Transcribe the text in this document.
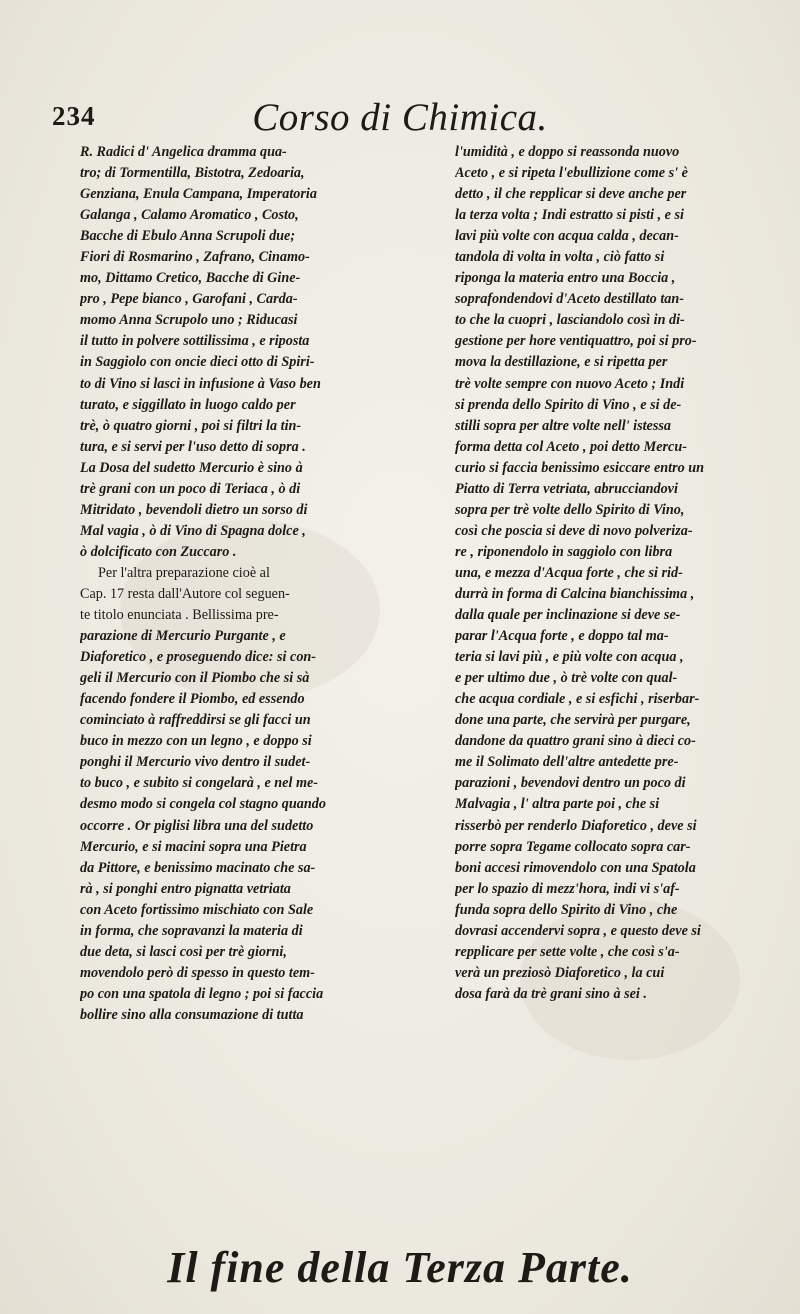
234	Corso di Chimica.
R. Radici d' Angelica dramma qua-
tro; di Tormentilla, Bistotra, Zedoaria,
Genziana, Enula Campana, Imperatoria
Galanga , Calamo Aromatico , Costo,
Bacche di Ebulo Anna Scrupoli due;
Fiori di Rosmarino , Zafrano, Cinamo-
mo, Dittamo Cretico, Bacche di Gine-
pro , Pepe bianco , Garofani , Carda-
momo Anna Scrupolo uno ; Riducasi
il tutto in polvere sottilissima , e riposta
in Saggiolo con oncie dieci otto di Spiri-
to di Vino si lasci in infusione à Vaso ben
turato, e siggillato in luogo caldo per
trè, ò quatro giorni , poi si filtri la tin-
tura, e si servi per l'uso detto di sopra .
La Dosa del sudetto Mercurio è sino à
trè grani con un poco di Teriaca , ò di
Mitridato , bevendoli dietro un sorso di
Mal vagia , ò di Vino di Spagna dolce ,
ò dolcificato con Zuccaro .
Per l'altra preparazione cioè al
Cap. 17 resta dall'Autore col seguen-
te titolo enunciata . Bellissima pre-
parazione di Mercurio Purgante , e
Diaforetico , e proseguendo dice: si con-
geli il Mercurio con il Piombo che si sà
facendo fondere il Piombo, ed essendo
cominciato à raffreddirsi se gli facci un
buco in mezzo con un legno , e doppo si
ponghi il Mercurio vivo dentro il sudet-
to buco , e subito si congelarà , e nel me-
desmo modo si congela col stagno quando
occorre . Or piglisi libra una del sudetto
Mercurio, e si macini sopra una Pietra
da Pittore, e benissimo macinato che sa-
rà , si ponghi entro pignatta vetriata
con Aceto fortissimo mischiato con Sale
in forma, che sopravanzi la materia di
due deta, si lasci così per trè giorni,
movendolo però di spesso in questo tem-
po con una spatola di legno ; poi si faccia
bollire sino alla consumazione di tutta
l'umidità , e doppo si reassonda nuovo
Aceto , e si ripeta l'ebullizione come s' è
detto , il che repplicar si deve anche per
la terza volta ; Indi estratto si pisti , e si
lavi più volte con acqua calda , decan-
tandola di volta in volta , ciò fatto si
riponga la materia entro una Boccia ,
soprafondendovi d'Aceto destillato tan-
to che la cuopri , lasciandolo così in di-
gestione per hore ventiquattro, poi si pro-
mova la destillazione, e si ripetta per
trè volte sempre con nuovo Aceto ; Indi
si prenda dello Spirito di Vino , e si de-
stilli sopra per altre volte nell' istessa
forma detta col Aceto , poi detto Mercu-
curio si faccia benissimo esiccare entro un
Piatto di Terra vetriata, abrucciandovi
sopra per trè volte dello Spirito di Vino,
così che poscia si deve di novo polveriza-
re , riponendolo in saggiolo con libra
una, e mezza d'Acqua forte , che si rid-
durrà in forma di Calcina bianchissima ,
dalla quale per inclinazione si deve se-
parar l'Acqua forte , e doppo tal ma-
teria si lavi più , e più volte con acqua ,
e per ultimo due , ò trè volte con qual-
che acqua cordiale , e si esfichi , riserbar-
done una parte, che servirà per purgare,
dandone da quattro grani sino à dieci co-
me il Solimato dell'altre antedette pre-
parazioni , bevendovi dentro un poco di
Malvagia , l' altra parte poi , che si
risserbò per renderlo Diaforetico , deve si
porre sopra Tegame collocato sopra car-
boni accesi rimovendolo con una Spatola
per lo spazio di mezz'hora, indi vi s'af-
funda sopra dello Spirito di Vino , che
dovrasi accendervi sopra , e questo deve si
repplicare per sette volte , che così s'a-
verà un preziosò Diaforetico , la cui
dosa farà da trè grani sino à sei .
Il fine della Terza Parte.
